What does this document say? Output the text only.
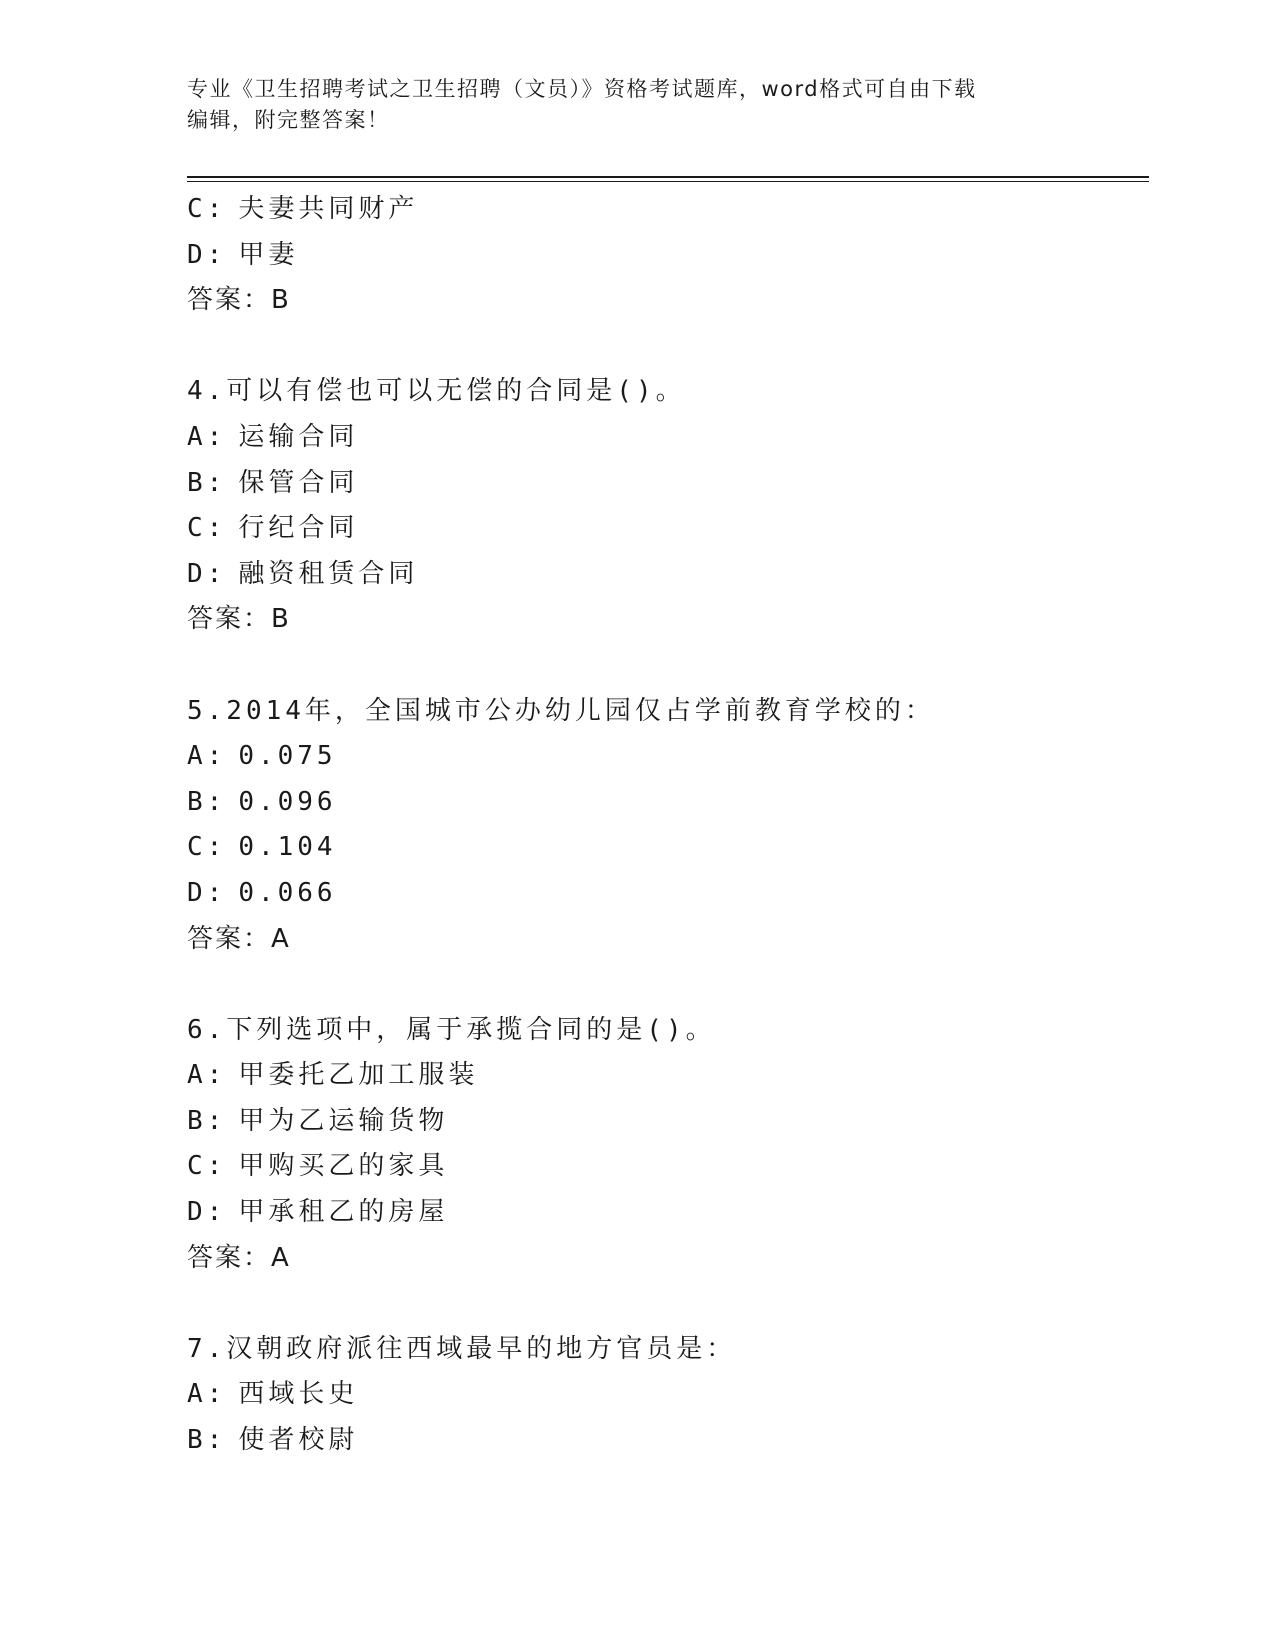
专业《卫生招聘考试之卫生招聘（文员）》资格考试题库，word格式可自由下载
编辑，附完整答案！
C: 夫妻共同财产
D: 甲妻
答案：B
4.可以有偿也可以无偿的合同是()。
A: 运输合同
B: 保管合同
C: 行纪合同
D: 融资租赁合同
答案：B
5.2014年，全国城市公办幼儿园仅占学前教育学校的：
A: 0.075
B: 0.096
C: 0.104
D: 0.066
答案：A
6.下列选项中，属于承揽合同的是()。
A: 甲委托乙加工服装
B: 甲为乙运输货物
C: 甲购买乙的家具
D: 甲承租乙的房屋
答案：A
7.汉朝政府派往西域最早的地方官员是：
A: 西域长史
B: 使者校尉
